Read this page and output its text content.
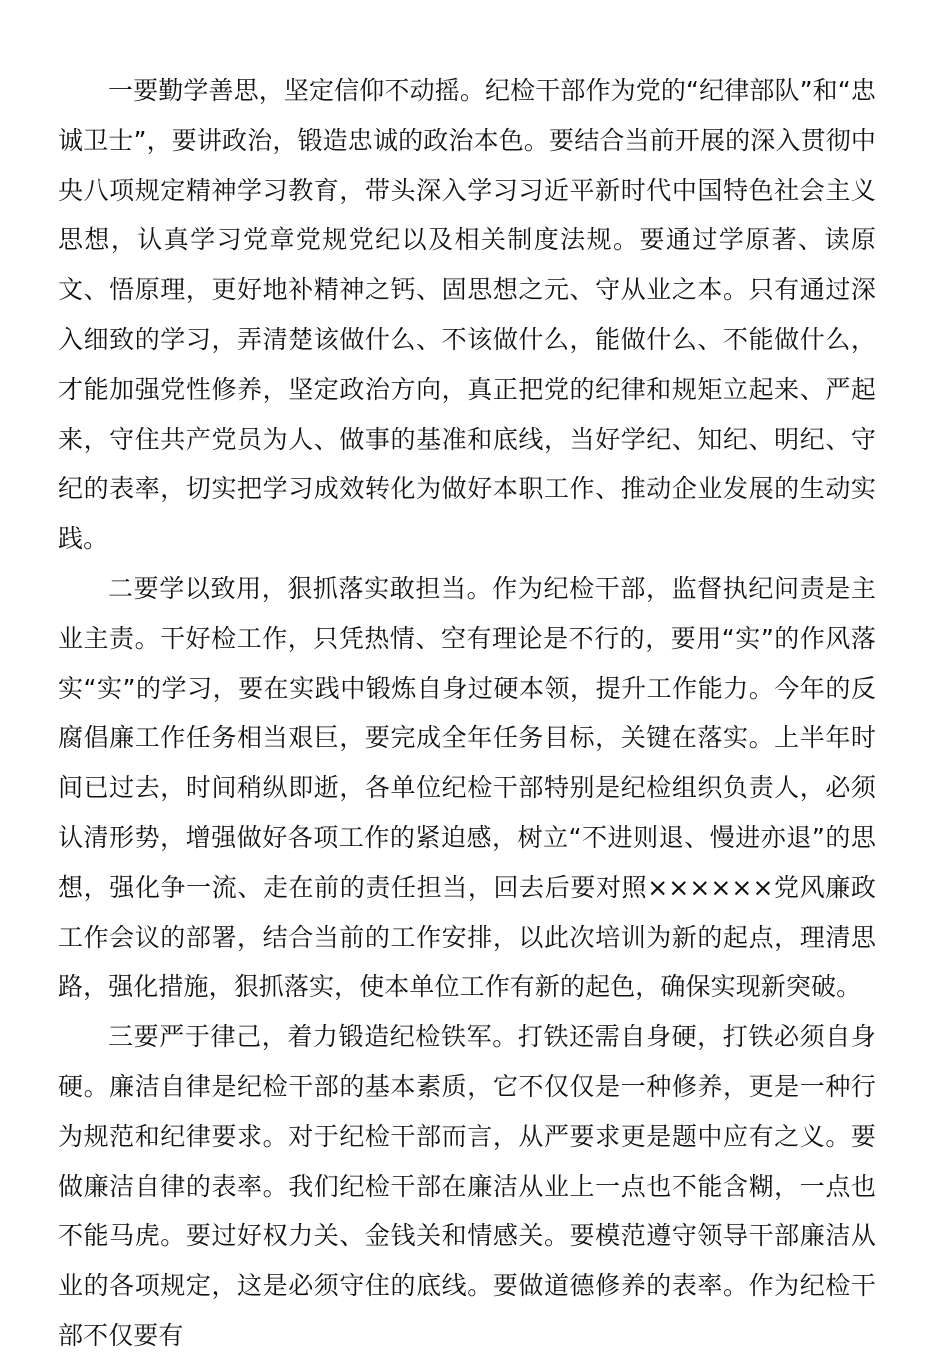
一要勤学善思，坚定信仰不动摇。纪检干部作为党的“纪律部队”和“忠诚卫士”，要讲政治，锻造忠诚的政治本色。要结合当前开展的深入贯彻中央八项规定精神学习教育，带头深入学习习近平新时代中国特色社会主义思想，认真学习党章党规党纪以及相关制度法规。要通过学原著、读原文、悟原理，更好地补精神之钙、固思想之元、守从业之本。只有通过深入细致的学习，弄清楚该做什么、不该做什么，能做什么、不能做什么，才能加强党性修养，坚定政治方向，真正把党的纪律和规矩立起来、严起来，守住共产党员为人、做事的基准和底线，当好学纪、知纪、明纪、守纪的表率，切实把学习成效转化为做好本职工作、推动企业发展的生动实践。

二要学以致用，狠抓落实敢担当。作为纪检干部，监督执纪问责是主业主责。干好检工作，只凭热情、空有理论是不行的，要用“实”的作风落实“实”的学习，要在实践中锻炼自身过硬本领，提升工作能力。今年的反腐倡廉工作任务相当艰巨，要完成全年任务目标，关键在落实。上半年时间已过去，时间稍纵即逝，各单位纪检干部特别是纪检组织负责人，必须认清形势，增强做好各项工作的紧迫感，树立“不进则退、慢进亦退”的思想，强化争一流、走在前的责任担当，回去后要对照××××××党风廉政工作会议的部署，结合当前的工作安排，以此次培训为新的起点，理清思路，强化措施，狠抓落实，使本单位工作有新的起色，确保实现新突破。

三要严于律己，着力锻造纪检铁军。打铁还需自身硬，打铁必须自身硬。廉洁自律是纪检干部的基本素质，它不仅仅是一种修养，更是一种行为规范和纪律要求。对于纪检干部而言，从严要求更是题中应有之义。要做廉洁自律的表率。我们纪检干部在廉洁从业上一点也不能含糊，一点也不能马虎。要过好权力关、金钱关和情感关。要模范遵守领导干部廉洁从业的各项规定，这是必须守住的底线。要做道德修养的表率。作为纪检干部不仅要有
